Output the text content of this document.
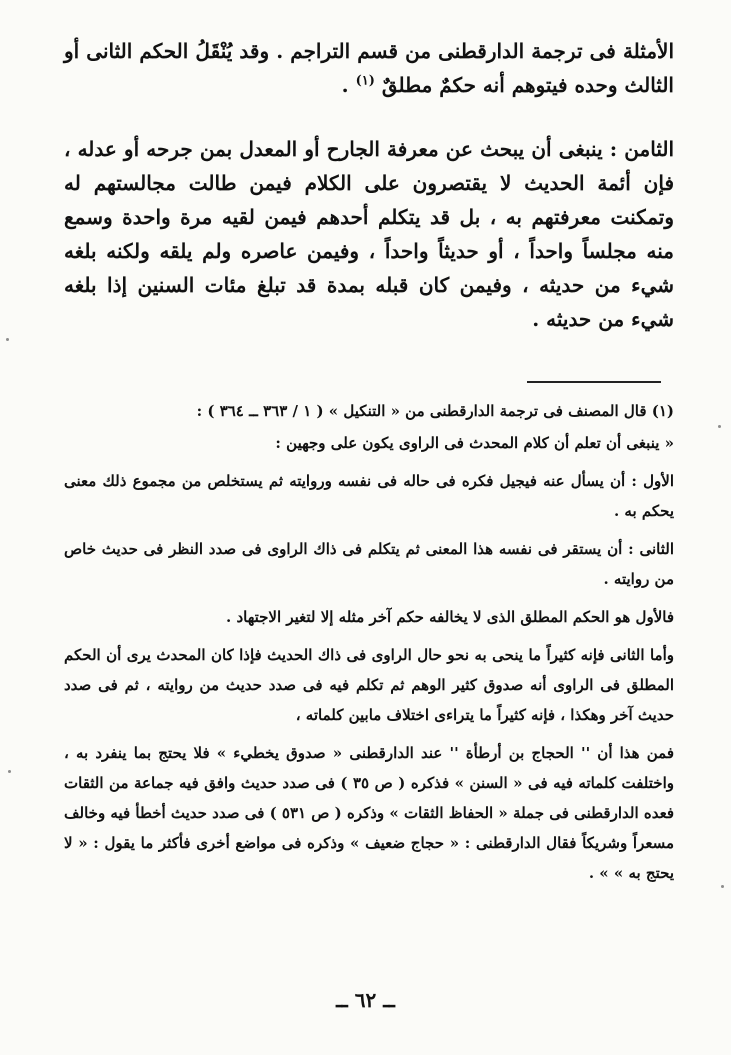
الأمثلة فى ترجمة الدارقطنى من قسم التراجم . وقد يُنْقَلُ الحكم الثانى أو الثالث وحده فيتوهم أنه حكمٌ مطلقٌ $^{(١)}$ .

الثامن : ينبغى أن يبحث عن معرفة الجارح أو المعدل بمن جرحه أو عدله ، فإن أئمة الحديث لا يقتصرون على الكلام فيمن طالت مجالستهم له وتمكنت معرفتهم به ، بل قد يتكلم أحدهم فيمن لقيه مرة واحدة وسمع منه مجلساً واحداً ، أو حديثاً واحداً ، وفيمن عاصره ولم يلقه ولكنه بلغه شيء من حديثه ، وفيمن كان قبله بمدة قد تبلغ مئات السنين إذا بلغه شيء من حديثه .

(١) قال المصنف فى ترجمة الدارقطنى من « التنكيل » ( ١ / ٣٦٣ ــ ٣٦٤ ) :

« ينبغى أن تعلم أن كلام المحدث فى الراوى يكون على وجهين :

الأول : أن يسأل عنه فيجيل فكره فى حاله فى نفسه وروايته ثم يستخلص من مجموع ذلك معنى يحكم به .

الثانى : أن يستقر فى نفسه هذا المعنى ثم يتكلم فى ذاك الراوى فى صدد النظر فى حديث خاص من روايته .

فالأول هو الحكم المطلق الذى لا يخالفه حكم آخر مثله إلا لتغير الاجتهاد .

وأما الثانى فإنه كثيراً ما ينحى به نحو حال الراوى فى ذاك الحديث فإذا كان المحدث يرى أن الحكم المطلق فى الراوى أنه صدوق كثير الوهم ثم تكلم فيه فى صدد حديث من روايته ، ثم فى صدد حديث آخر وهكذا ، فإنه كثيراً ما يتراءى اختلاف مابين كلماته ،

فمن هذا أن '' الحجاج بن أرطأة '' عند الدارقطنى « صدوق يخطيء » فلا يحتج بما ينفرد به ، واختلفت كلماته فيه فى « السنن » فذكره ( ص ٣٥ ) فى صدد حديث وافق فيه جماعة من الثقات فعده الدارقطنى فى جملة « الحفاظ الثقات » وذكره ( ص ٥٣١ ) فى صدد حديث أخطأ فيه وخالف مسعراً وشريكاً فقال الدارقطنى : « حجاج ضعيف » وذكره فى مواضع أخرى فأكثر ما يقول : « لا يحتج به » » .

ــ ٦٢ ــ
